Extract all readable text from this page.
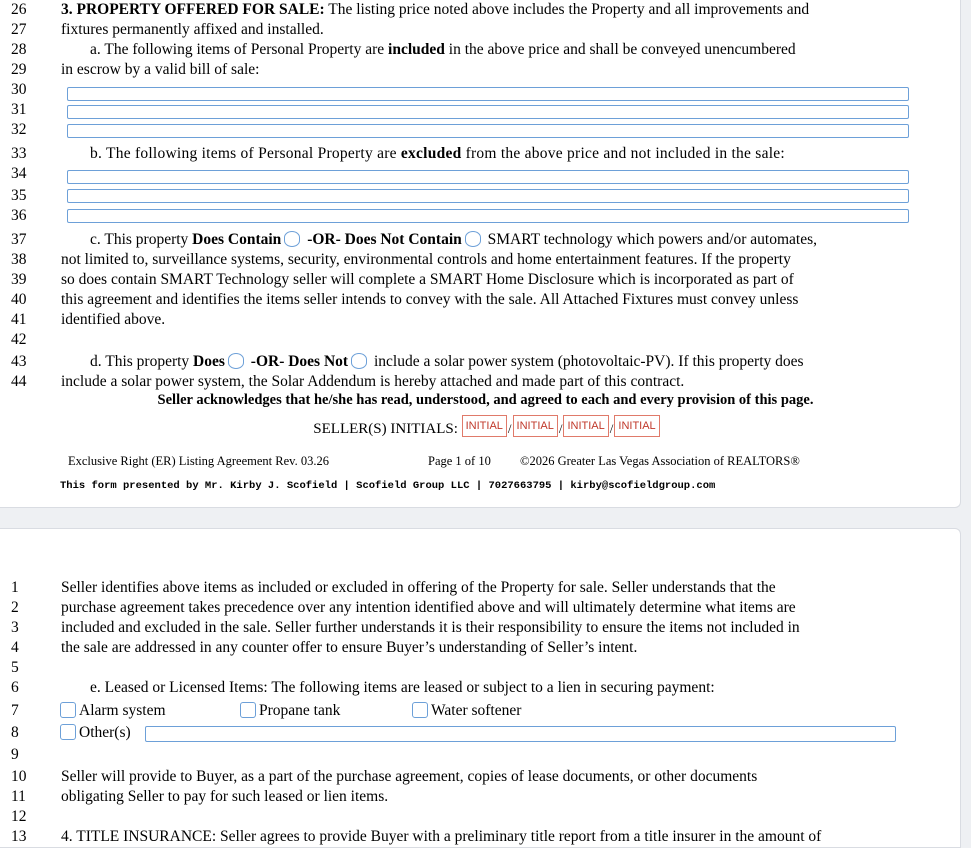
26
27
28
29
30
31
32
33
34
35
36
37
38
39
40
41
42
43
44
3. PROPERTY OFFERED FOR SALE: The listing price noted above includes the Property and all improvements and
fixtures permanently affixed and installed.
a. The following items of Personal Property are included in the above price and shall be conveyed unencumbered
in escrow by a valid bill of sale:
b. The following items of Personal Property are excluded from the above price and not included in the sale:
c. This property Does Contain -OR- Does Not Contain SMART technology which powers and/or automates,
not limited to, surveillance systems, security, environmental controls and home entertainment features. If the property
so does contain SMART Technology seller will complete a SMART Home Disclosure which is incorporated as part of
this agreement and identifies the items seller intends to convey with the sale. All Attached Fixtures must convey unless
identified above.
d. This property Does -OR- Does Not include a solar power system (photovoltaic-PV). If this property does
include a solar power system, the Solar Addendum is hereby attached and made part of this contract.
Seller acknowledges that he/she has read, understood, and agreed to each and every provision of this page.
SELLER(S) INITIALS: INITIAL / INITIAL / INITIAL / INITIAL
Exclusive Right (ER) Listing Agreement Rev. 03.26	Page 1 of 10 ©2026 Greater Las Vegas Association of REALTORS®
This form presented by Mr. Kirby J. Scofield | Scofield Group LLC | 7027663795 | kirby@scofieldgroup.com
1
2
3
4
5
6
7
8
9
10
11
12
13
Seller identifies above items as included or excluded in offering of the Property for sale. Seller understands that the
purchase agreement takes precedence over any intention identified above and will ultimately determine what items are
included and excluded in the sale. Seller further understands it is their responsibility to ensure the items not included in
the sale are addressed in any counter offer to ensure Buyer’s understanding of Seller’s intent.
e. Leased or Licensed Items: The following items are leased or subject to a lien in securing payment:
Alarm system	Propane tank	Water softener
Other(s)
Seller will provide to Buyer, as a part of the purchase agreement, copies of lease documents, or other documents
obligating Seller to pay for such leased or lien items.
4. TITLE INSURANCE: Seller agrees to provide Buyer with a preliminary title report from a title insurer in the amount of
